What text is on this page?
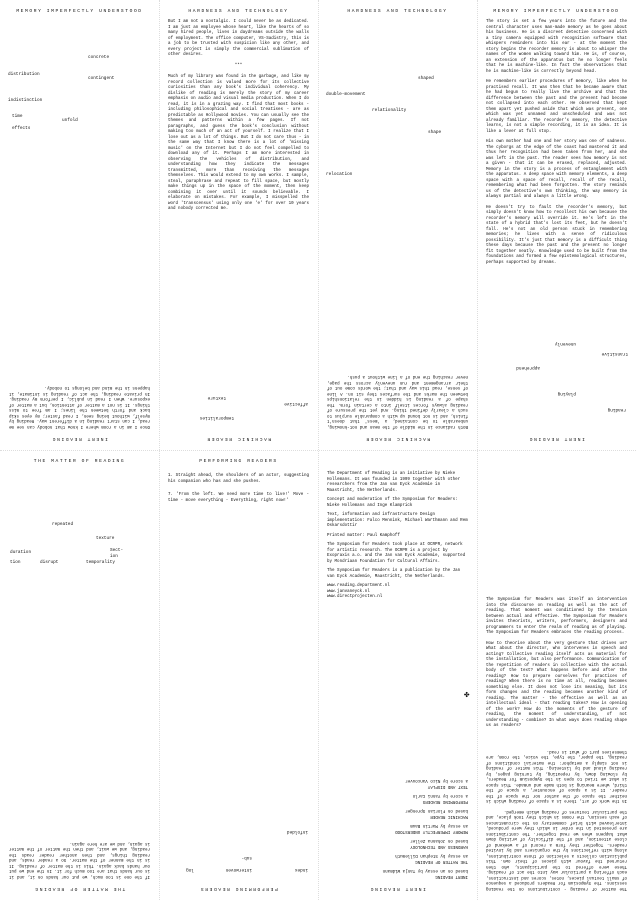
MEMORY IMPERFECTLY UNDERSTOOD
concrete
distribution
contingent
indistinction
time
unfold
effects
HARDNESS AND TECHNOLOGY

But I am not a nostalgic. I could never be as dedicated. I am just an employee whose heart, like the hearts of so many hired people, lives in daydreams outside the walls of employment. The office computer, VS-Sadistry, this is a job to be trusted with suspicion like any other, and every project is simply the commercial sublimation of other desires.

***

Much of my library was found in the garbage, and like my record collection is valued more for its collective curiosities than any book's individual coherency. My dislike of reading is merely the story of my career emphasis on audio and visual media production. When I do read, it is in a grazing way. I find that most books - including philosophical and social treatises - are as predictable as Hollywood movies. You can usually see the themes and patterns within a few pages. If not paragraphs, and guess the book's conclusion without making too much of an act of yourself. I realize that I lose out as a lot of things. But I do not care thus - in the same way that I know there is a lot of 'missing music' on the Internet but I do not feel compelled to download any of it. Perhaps I am more interested in observing the vehicles of distribution, and understanding how they indicate the messages transmitted, more than receiving the messages themselves. This would extend to my own works. I sample, steal, paraphrase and repeat to fill space, but mostly make things up in the space of the moment, then keep combining it over until it sounds believable. I elaborate on mistakes. For example, I misspelled the word 'transcensus' using only one 'e' for over 10 years and nobody corrected me.

HARDNESS AND TECHNOLOGY
shaped
double-movement
relationality
shape
relocation
MEMORY IMPERFECTLY UNDERSTOOD

The story is set a few years into the future and the central character uses man-made memory as he goes about his business. He is a discreet detective concerned with a tiny camera equipped with recognition software that whispers reminders into his ear - at the moment the story begins the recorder memory is about to whisper the names of the women walking toward him. He is, of course, an extension of the apparatus but he no longer feels that he is machine-like. In fact the observations that he is machine-like is correctly beyond head.

He remembers earlier procedures of memory, like when he practised recall. It was then that he became aware that he had begun to really live the archive and that the difference between the past and the present had become not collapsed into each other. He observed that kept them apart yet pushed aside that which was present, one which was yet unnamed and unscheduled and was not already familiar. The recorder's memory, the detective learns, is not a simple recording, it is an idea. It is like a lever at full stop.

His own mother had one and her story was one of sadness. The cyborgs at the edge of the coast had mastered it and thus her recognition had been taken from her, and she was left in the past. The reader sees how memory is not a given - that it can be erased, replaced, adjusted. Memory in the story is a process of entanglement with the apparatus. A deep space with memory elements, a deep space with a space of recall, recall of the recall, remembering what had been forgotten. The story reminds us of the detective's own thinking, the way memory is always partial and always a little wrong.

He doesn't try to fault the recorder's memory, but simply doesn't know how to recollect his own because the recorder's memory will override it. He's left in the state of a hybrid that's lost its feet, but he doesn't fall. He's not an old person stuck in remembering memories; he lives with a sense of ridiculous possibility. It's just that memory is a difficult thing these days because the past and the present no longer fit together neatly. Knowledge used to be built from the foundations and formed a few epistemological structures, perhaps supported by dreams.

INERT READING

Once I am in a room where I know that nobody can see me read, I can start reading in a different way. Reading by myself, without being seen, I read faster; my eyes skip back and forth between the lines; I am free to miss things. It is not a matter of attention, but a matter of exposure. When I read in public, I perform my reading. In private reading, the act of reading is intimate, it happens in the mind and belongs to nobody.

MACHINIC READER
temporalities
affective
texture
MACHINIC READER

Both radiance in the middle of the mean and not-knowing, unbearable to be contained, a 'mess' that doesn't finish, and is not bound up with a comparable surplus to such a clearly defined thing. And yet the pressure of reading always forces itself into a certain form. The shape of a reading is hidden in the relationships between the marks and the surfaces they sit on. A line of sense, read this way and that; the words come out of their arrangement and run unevenly across the page, never reaching the end of a line without a push.

INERT READING
reading
playing
apprehend
transitive
unevenly
THE MATTER OF READING
repeated
texture
duration	Sect-
ion
tion	disrupt	temporality
PERFORMING READERS

1. Straight ahead, the shoulders of an actor, suggesting his companion who has and she pushes.

7. 'From the left. We need more time to live!' Move - time - move everything - Everything, right now!'

The Department of Reading is an initiative by Nieke Hollemans. It was founded in 1999 together with other researchers from the Jan van Eyck Academie in Maastricht, the Netherlands.

Concept and moderation of the Symposium for Readers: Nieke Hollemans and Inge Klamprick

Text, information and infrastructure Design implementation: Falco Mennink, Michael Warthmann and Rem Oskarsdottir

Printed matter: Paul Kamphoff

The Symposium for Readers took place at OCRPR, network for artistic research. The OCRPR is a project by Exopraxis a.o. and the Jan van Eyck Academie, supported by Mondriaan Foundation for Cultural Affairs.

The Symposium for Readers is a publication by the Jan van Eyck Academie, Maastricht, the Netherlands.

www.reading.department.nl
www.janvaneyck.nl
www.directprojecten.nl
✤

The Symposium for Readers was itself an intervention into the discourse on reading as well as the act of reading. That moment was conditioned by the tension between actual and effective. The Symposium for Readers invites theorists, writers, performers, designers and programmers to enter the realm of reading as of playing. The Symposium for Readers embraces the reading process.

How to theorise about the very gesture that drives us? What about the director, who intervenes in speech and acting? Collective reading itself acts as material for the installation, but also performance. Communication of the repetition of readers in collective with the actual body of the text? What happens before and after the reading? How to prepare ourselves for practices of reading? When there is no time at all, reading becomes something else. It does not lose its meaning, but its form changes and the reading becomes another kind of reading. The matter - the effective as well as an intellectual ideal - that reading takes? How is opening of the work? How do the moments of the gesture of reading, the moment of understanding, of not understanding - combine? In what ways does reading shape us as readers?

THE MATTER OF READING

If the one is too much, we put our hands on it, and it is our hands that are too much for it. In the end we put our hands back again. This is the matter of reading. It is in the manner of the matter. So a reader reads, and reading things, and then another reader reads the reading, and we wait, and then the matter of the matter is again, and we are here again.

PERFORMING READERS
index
interwoven
log
sub-
infolded
INERT READING

INERT READING
based on an essay by Tanja Widmann

THE MATTER OF READING
an essay by Stephan Dillemuth

HARDNESS AND TECHNOLOGY
based on Johanna Zeller

MEMORY IMPERFECTLY UNDERSTOOD
an essay by Martin Baum

MACHINIC READER
based on Florian Sprenger

PERFORMING READERS
a score by Yanni Carlo

TEXT AND DISPLAY
a score by Nico Vancouver

The matter of reading - contributions on the reading sessions. The Symposium for Readers produced a sequence of small textual pieces, notes, scores and instructions, each offering a particular way into the act of reading. These were offered to the participants, who then returned the favour with pieces of their own. This publication collects a selection of those contributions, along with reflections by the organisers and by invited readers. Together they form a record of a weekend of close attention, and of the difficulty of writing down what happens when we read together. The contributions are presented in the order in which they were produced, interleaved with brief commentary on the circumstances of each session, the rooms in which they took place, and the particular textures of reading which emerged.

In the work of art, there is a space of reading which is neither the space of the author nor the space of the reader. It is a space of encounter, a space of the third, where meaning is both made and unmade. This space is what we tried to open in the Symposium for Readers, by slowing down, by repeating, by turning pages, by reading aloud and by listening. This matter of reading is not simply a metaphor: the material conditions of reading, the paper, the type, the voice, the room, are themselves part of what is read.
